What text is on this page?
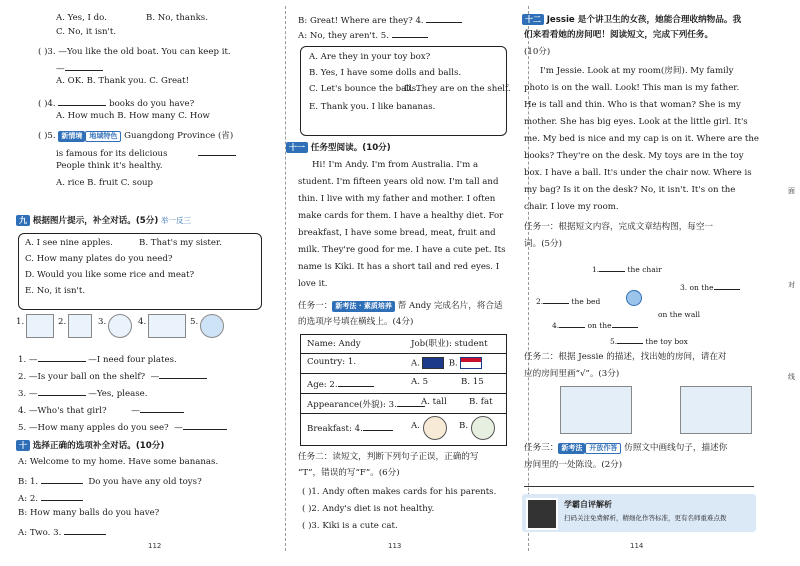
A. Yes, I do.	B. No, thanks.
C. No, it isn't.
( )3. —You like the old boat. You can keep it.
—
A. OK. B. Thank you. C. Great!
( )4.	books do you have?
A. How much B. How many C. How
( )5. 新情境 地域特色 Guangdong Province (省)
is famous for its delicious
People think it's healthy.
A. rice B. fruit C. soup
九 根据图片提示，补全对话。(5分) 举一反三
A. I see nine apples.	B. That's my sister.
C. How many plates do you need?
D. Would you like some rice and meat?
E. No, it isn't.
1.	2.	3.	4.	5.
1. —	—I need four plates.
2. —Is your ball on the shelf? —
3. —	—Yes, please.
4. —Who's that girl?	—
5. —How many apples do you see? —
十 选择正确的选项补全对话。(10分)
A: Welcome to my home. Have some bananas.
B: 1.	Do you have any old toys?
A: 2.
B: How many balls do you have?
A: Two. 3.
112
B: Great! Where are they? 4.
A: No, they aren't. 5.
A. Are they in your toy box?
B. Yes, I have some dolls and balls.
C. Let's bounce the balls.
D. They are on the shelf.
E. Thank you. I like bananas.
十一 任务型阅读。(10分)
Hi! I'm Andy. I'm from Australia. I'm a
student. I'm fifteen years old now. I'm tall and
thin. I live with my father and mother. I often
make cards for them. I have a healthy diet. For
breakfast, I have some bread, meat, fruit and
milk. They're good for me. I have a cute pet. Its
name is Kiki. It has a short tail and red eyes. I
love it.
任务一： 新考法 · 素质培养 帮 Andy 完成名片，将合适
的选项序号填在横线上。(4分)
Name: Andy	Job(职业): student
Country: 1.	A.	B.
Age: 2.	A. 5	B. 15
Appearance(外貌): 3.	A. tall	B. fat
Breakfast: 4.	A.	B.
任务二：读短文，判断下列句子正误，正确的写
“T”，错误的写“F”。(6分)
( )1. Andy often makes cards for his parents.
( )2. Andy's diet is not healthy.
( )3. Kiki is a cute cat.
113
十二 Jessie 是个讲卫生的女孩，她能合理收纳物品。我
们来看看她的房间吧！阅读短文，完成下列任务。
(10分)
I'm Jessie. Look at my room(房间). My family
photo is on the wall. Look! This man is my father.
He is tall and thin. Who is that woman? She is my
mother. She has big eyes. Look at the little girl. It's
me. My bed is nice and my cap is on it. Where are the
books? They're on the desk. My toys are in the toy
box. I have a ball. It's under the chair now. Where is
my bag? Is it on the desk? No, it isn't. It's on the
chair. I love my room.
任务一：根据短文内容，完成文章结构图，每空一
词。(5分)
1.	the chair
3. on the
2.	the bed
on the wall
4.	on the
5.	the toy box
任务二：根据 Jessie 的描述，找出她的房间，请在对
应的房间里画“√”。(3分)
任务三： 新考法 开放作答 仿照文中画线句子，描述你
房间里的一处陈设。(2分)
学霸自评解析
扫码关注免费解析，精细化作答标准，更有名师重难点拨
114
面
对
线
